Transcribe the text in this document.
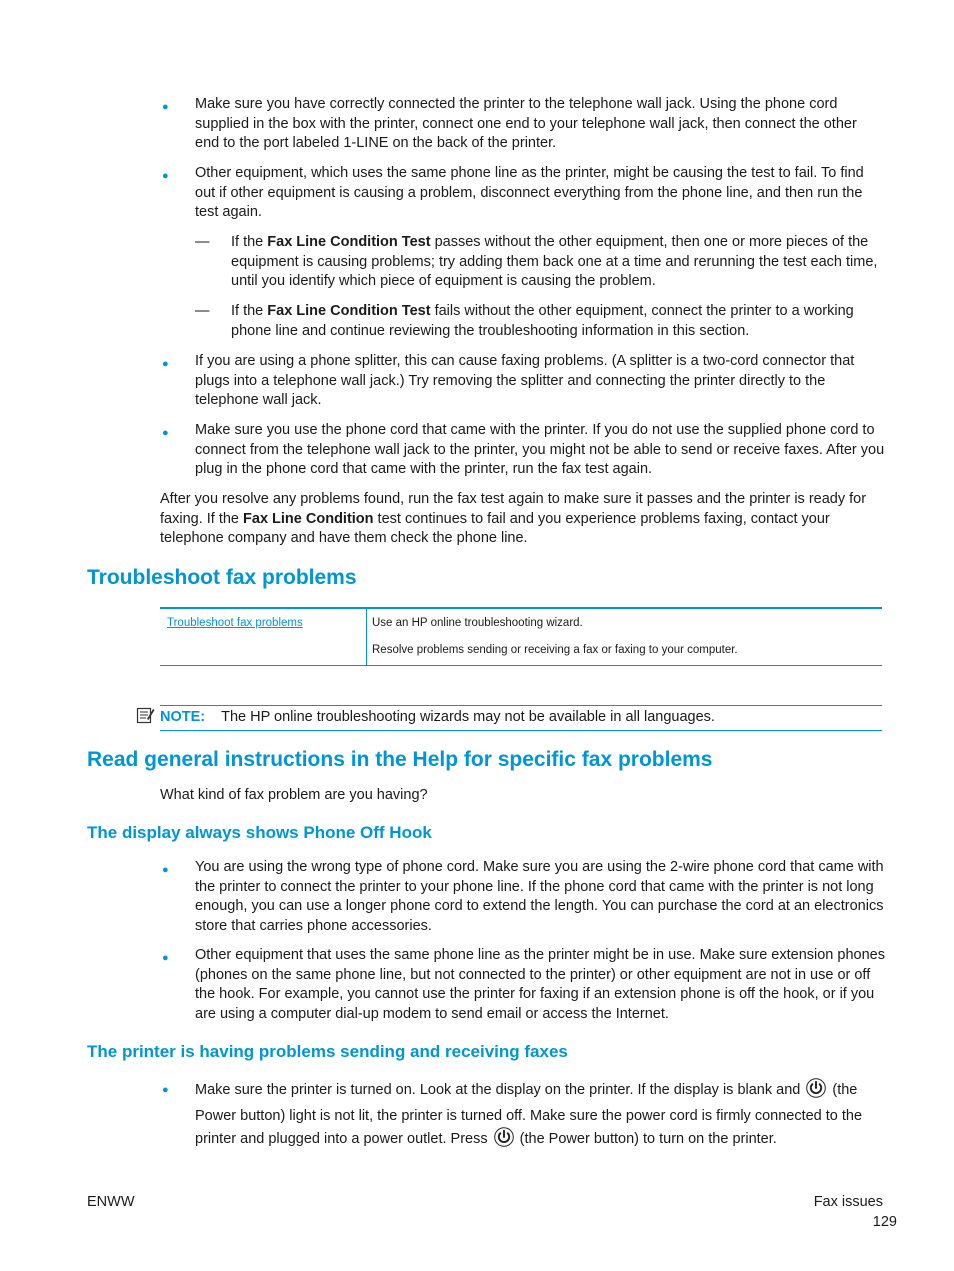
● Make sure you have correctly connected the printer to the telephone wall jack. Using the phone cord supplied in the box with the printer, connect one end to your telephone wall jack, then connect the other end to the port labeled 1-LINE on the back of the printer.
● Other equipment, which uses the same phone line as the printer, might be causing the test to fail. To find out if other equipment is causing a problem, disconnect everything from the phone line, and then run the test again.
— If the Fax Line Condition Test passes without the other equipment, then one or more pieces of the equipment is causing problems; try adding them back one at a time and rerunning the test each time, until you identify which piece of equipment is causing the problem.
— If the Fax Line Condition Test fails without the other equipment, connect the printer to a working phone line and continue reviewing the troubleshooting information in this section.
● If you are using a phone splitter, this can cause faxing problems. (A splitter is a two-cord connector that plugs into a telephone wall jack.) Try removing the splitter and connecting the printer directly to the telephone wall jack.
● Make sure you use the phone cord that came with the printer. If you do not use the supplied phone cord to connect from the telephone wall jack to the printer, you might not be able to send or receive faxes. After you plug in the phone cord that came with the printer, run the fax test again.
After you resolve any problems found, run the fax test again to make sure it passes and the printer is ready for faxing. If the Fax Line Condition test continues to fail and you experience problems faxing, contact your telephone company and have them check the phone line.
Troubleshoot fax problems
Troubleshoot fax problems	Use an HP online troubleshooting wizard.
Resolve problems sending or receiving a fax or faxing to your computer.
NOTE: The HP online troubleshooting wizards may not be available in all languages.
Read general instructions in the Help for specific fax problems
What kind of fax problem are you having?
The display always shows Phone Off Hook
● You are using the wrong type of phone cord. Make sure you are using the 2-wire phone cord that came with the printer to connect the printer to your phone line. If the phone cord that came with the printer is not long enough, you can use a longer phone cord to extend the length. You can purchase the cord at an electronics store that carries phone accessories.
● Other equipment that uses the same phone line as the printer might be in use. Make sure extension phones (phones on the same phone line, but not connected to the printer) or other equipment are not in use or off the hook. For example, you cannot use the printer for faxing if an extension phone is off the hook, or if you are using a computer dial-up modem to send email or access the Internet.
The printer is having problems sending and receiving faxes
● Make sure the printer is turned on. Look at the display on the printer. If the display is blank and (the Power button) light is not lit, the printer is turned off. Make sure the power cord is firmly connected to the printer and plugged into a power outlet. Press (the Power button) to turn on the printer.
ENWW	Fax issues129
